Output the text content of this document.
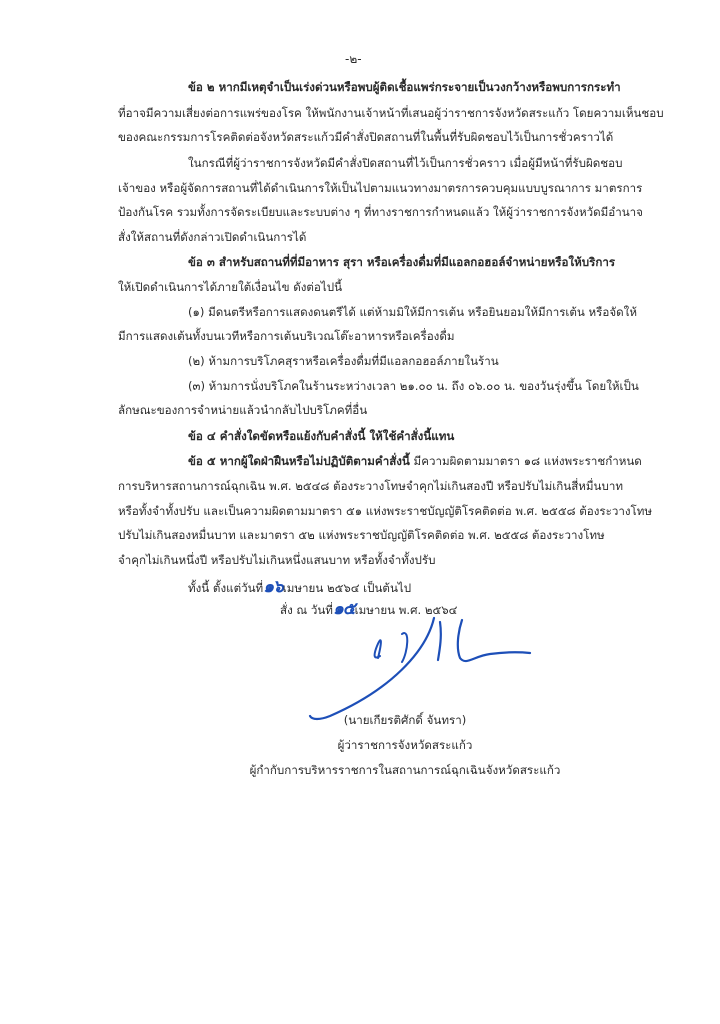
-๒-
ข้อ ๒ หากมีเหตุจำเป็นเร่งด่วนหรือพบผู้ติดเชื้อแพร่กระจายเป็นวงกว้างหรือพบการกระทำ
ที่อาจมีความเสี่ยงต่อการแพร่ของโรค ให้พนักงานเจ้าหน้าที่เสนอผู้ว่าราชการจังหวัดสระแก้ว โดยความเห็นชอบ
ของคณะกรรมการโรคติดต่อจังหวัดสระแก้วมีคำสั่งปิดสถานที่ในพื้นที่รับผิดชอบไว้เป็นการชั่วคราวได้
ในกรณีที่ผู้ว่าราชการจังหวัดมีคำสั่งปิดสถานที่ไว้เป็นการชั่วคราว เมื่อผู้มีหน้าที่รับผิดชอบ
เจ้าของ หรือผู้จัดการสถานที่ได้ดำเนินการให้เป็นไปตามแนวทางมาตรการควบคุมแบบบูรณาการ มาตรการ
ป้องกันโรค รวมทั้งการจัดระเบียบและระบบต่าง ๆ ที่ทางราชการกำหนดแล้ว ให้ผู้ว่าราชการจังหวัดมีอำนาจ
สั่งให้สถานที่ดังกล่าวเปิดดำเนินการได้
ข้อ ๓ สำหรับสถานที่ที่มีอาหาร สุรา หรือเครื่องดื่มที่มีแอลกอฮอล์จำหน่ายหรือให้บริการ
ให้เปิดดำเนินการได้ภายใต้เงื่อนไข ดังต่อไปนี้
(๑) มีดนตรีหรือการแสดงดนตรีได้ แต่ห้ามมิให้มีการเต้น หรือยินยอมให้มีการเต้น หรือจัดให้
มีการแสดงเต้นทั้งบนเวทีหรือการเต้นบริเวณโต๊ะอาหารหรือเครื่องดื่ม
(๒) ห้ามการบริโภคสุราหรือเครื่องดื่มที่มีแอลกอฮอล์ภายในร้าน
(๓) ห้ามการนั่งบริโภคในร้านระหว่างเวลา ๒๑.๐๐ น. ถึง ๐๖.๐๐ น. ของวันรุ่งขึ้น โดยให้เป็น
ลักษณะของการจำหน่ายแล้วนำกลับไปบริโภคที่อื่น
ข้อ ๔ คำสั่งใดขัดหรือแย้งกับคำสั่งนี้ ให้ใช้คำสั่งนี้แทน
ข้อ ๕ หากผู้ใดฝ่าฝืนหรือไม่ปฏิบัติตามคำสั่งนี้ มีความผิดตามมาตรา ๑๘ แห่งพระราชกำหนด
การบริหารสถานการณ์ฉุกเฉิน พ.ศ. ๒๕๔๘ ต้องระวางโทษจำคุกไม่เกินสองปี หรือปรับไม่เกินสี่หมื่นบาท
หรือทั้งจำทั้งปรับ และเป็นความผิดตามมาตรา ๕๑ แห่งพระราชบัญญัติโรคติดต่อ พ.ศ. ๒๕๕๘ ต้องระวางโทษ
ปรับไม่เกินสองหมื่นบาท และมาตรา ๕๒ แห่งพระราชบัญญัติโรคติดต่อ พ.ศ. ๒๕๕๘ ต้องระวางโทษ
จำคุกไม่เกินหนึ่งปี หรือปรับไม่เกินหนึ่งแสนบาท หรือทั้งจำทั้งปรับ
ทั้งนี้ ตั้งแต่วันที่๑๖เมษายน ๒๕๖๔ เป็นต้นไป
สั่ง ณ วันที่๑๕เมษายน พ.ศ. ๒๕๖๔
(นายเกียรติศักดิ์ จันทรา)
ผู้ว่าราชการจังหวัดสระแก้ว
ผู้กำกับการบริหารราชการในสถานการณ์ฉุกเฉินจังหวัดสระแก้ว
